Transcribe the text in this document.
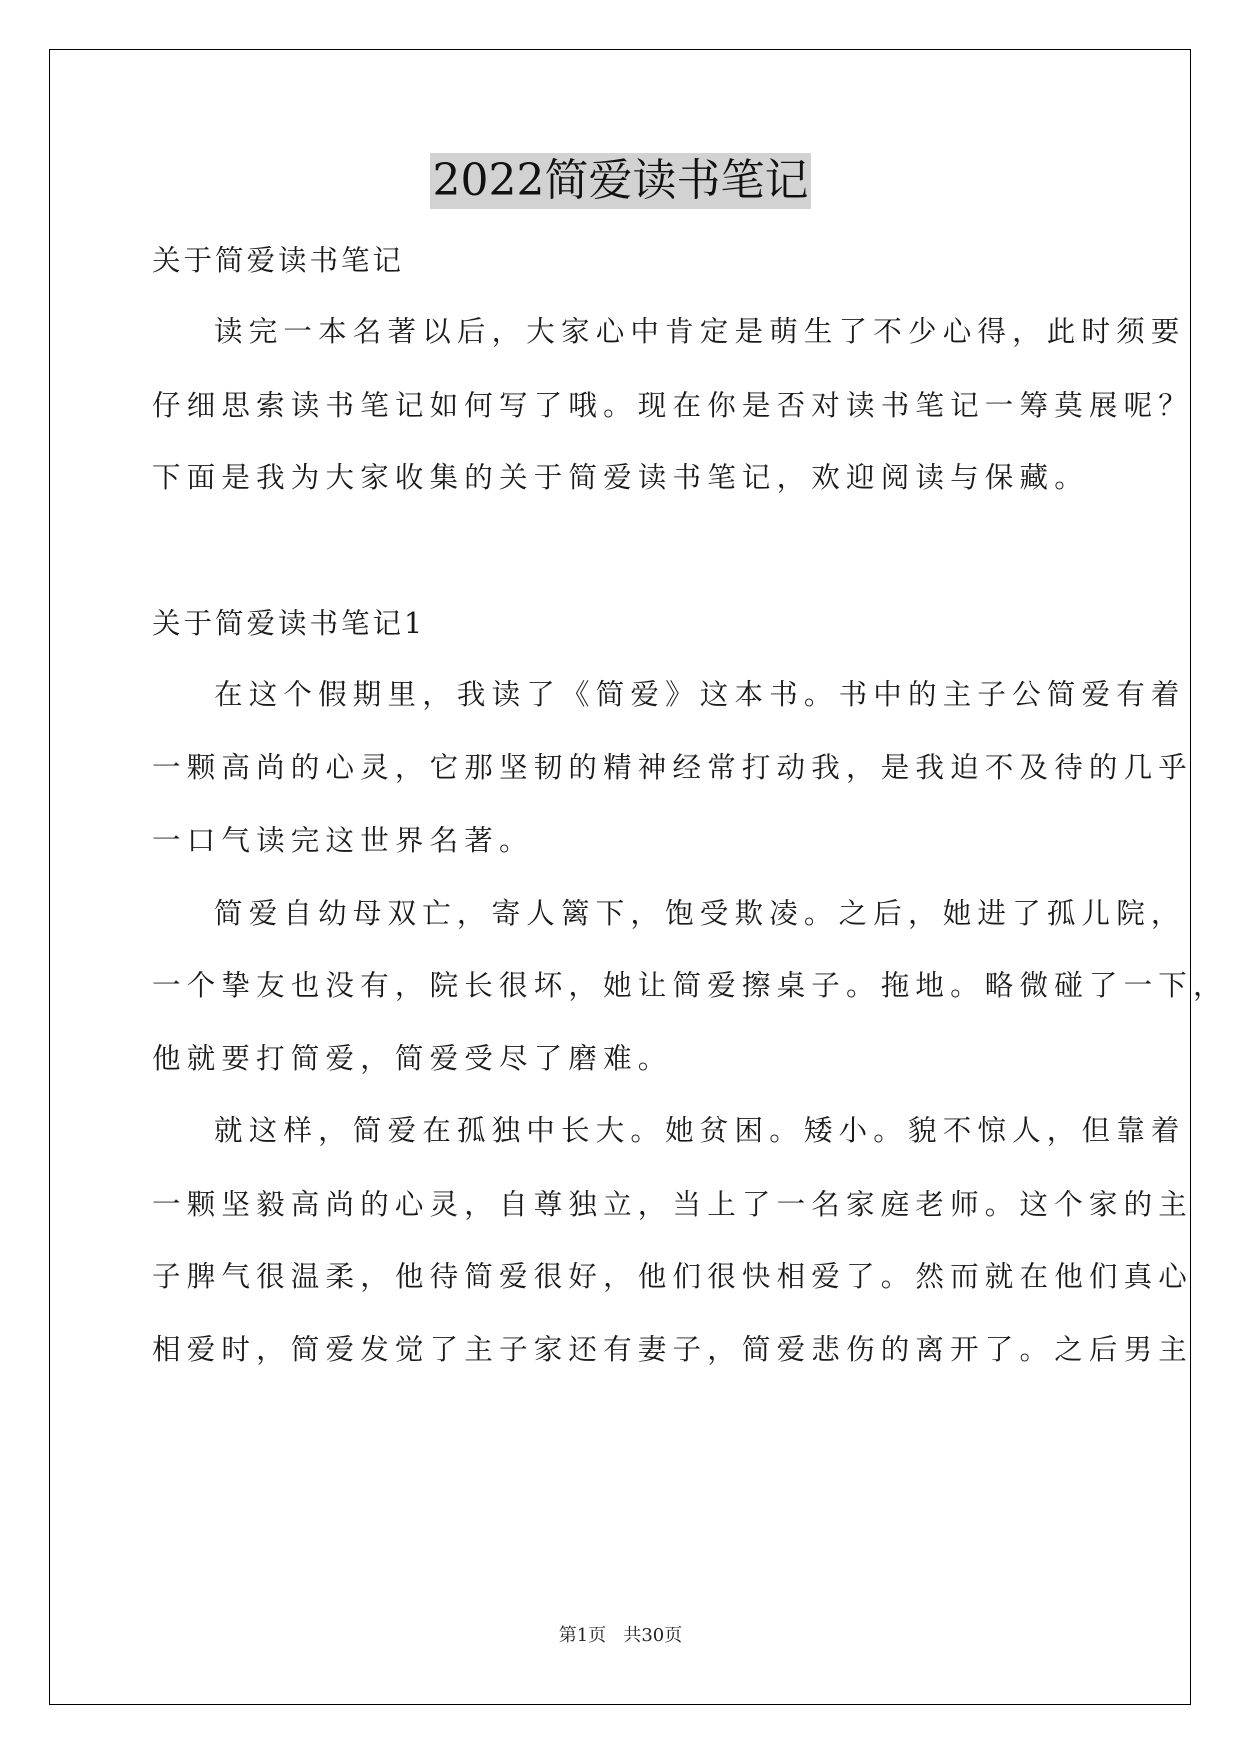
2022简爱读书笔记
关于简爱读书笔记
读完一本名著以后，大家心中肯定是萌生了不少心得，此时须要
仔细思索读书笔记如何写了哦。现在你是否对读书笔记一筹莫展呢？
下面是我为大家收集的关于简爱读书笔记，欢迎阅读与保藏。
关于简爱读书笔记1
在这个假期里，我读了《简爱》这本书。书中的主子公简爱有着
一颗高尚的心灵，它那坚韧的精神经常打动我，是我迫不及待的几乎
一口气读完这世界名著。
简爱自幼母双亡，寄人篱下，饱受欺凌。之后，她进了孤儿院，
一个挚友也没有，院长很坏，她让简爱擦桌子。拖地。略微碰了一下，
他就要打简爱，简爱受尽了磨难。
就这样，简爱在孤独中长大。她贫困。矮小。貌不惊人，但靠着
一颗坚毅高尚的心灵，自尊独立，当上了一名家庭老师。这个家的主
子脾气很温柔，他待简爱很好，他们很快相爱了。然而就在他们真心
相爱时，简爱发觉了主子家还有妻子，简爱悲伤的离开了。之后男主
第1页   共30页
